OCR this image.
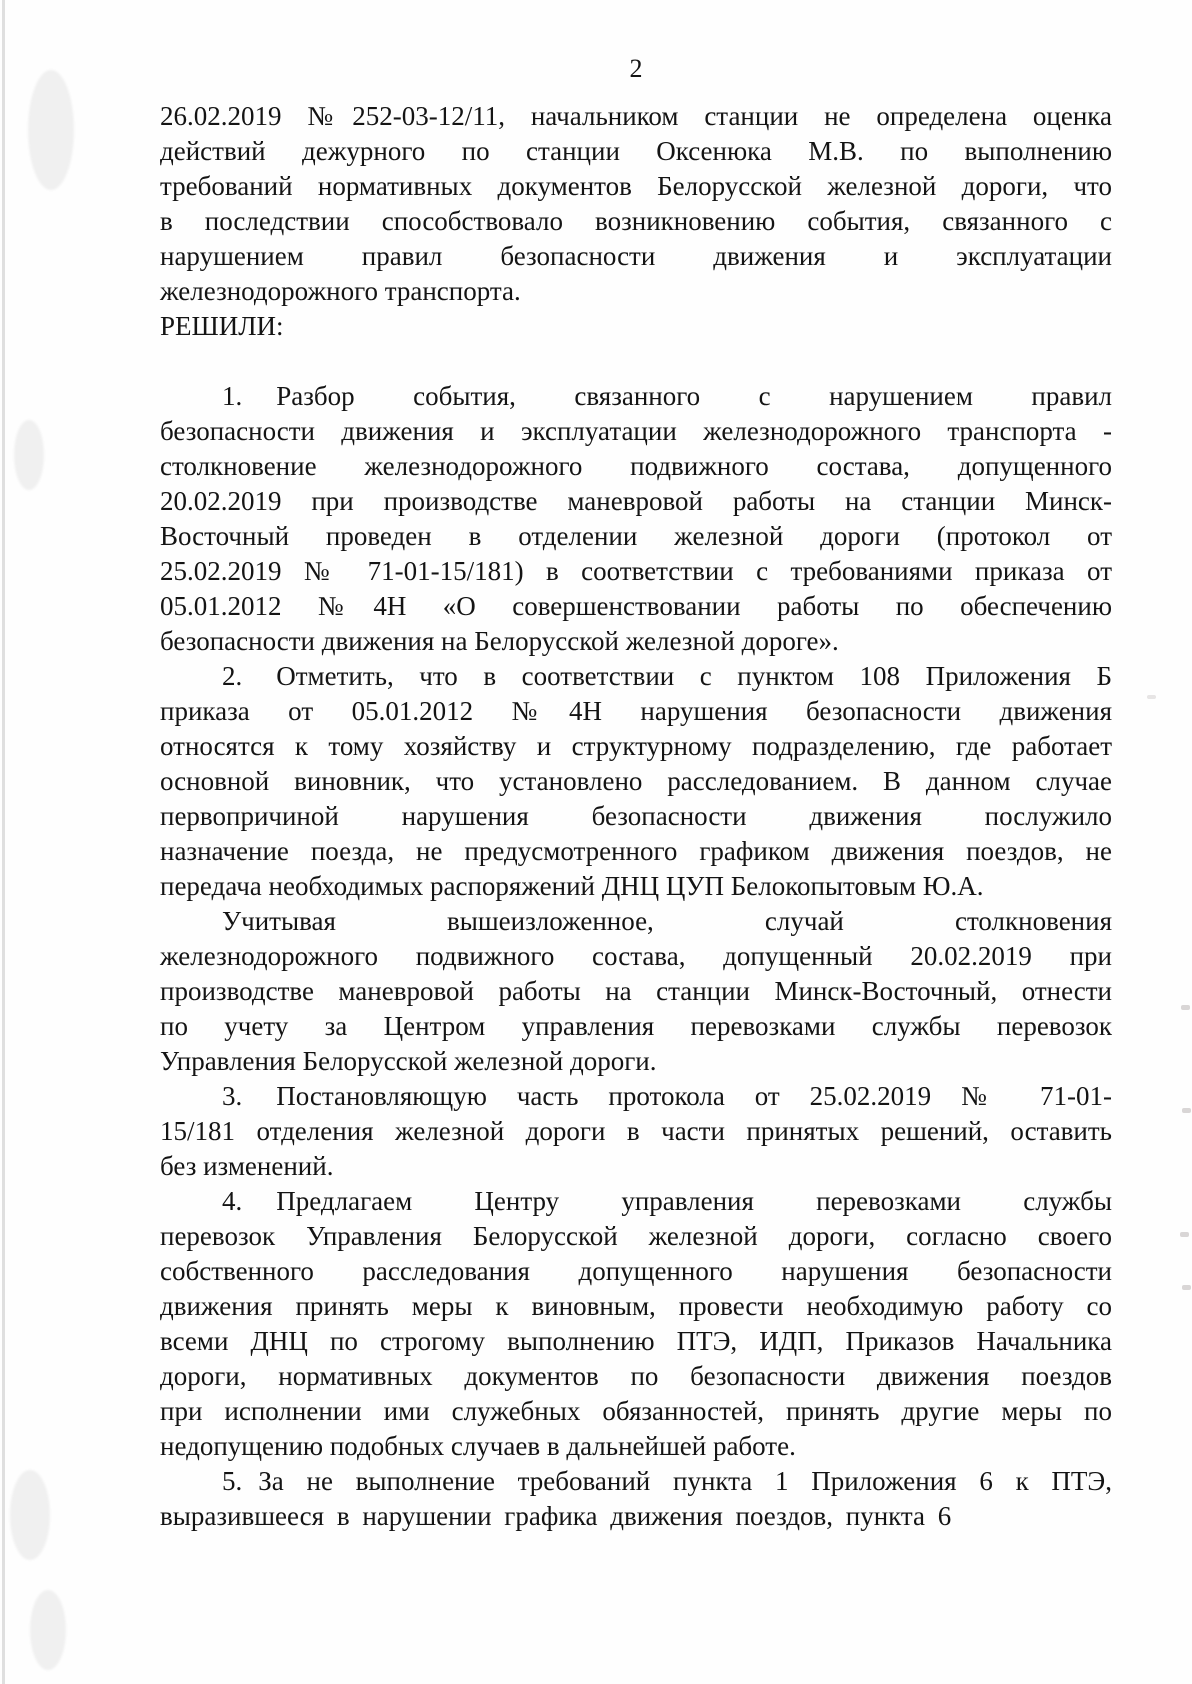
2
26.02.2019 №252-03-12/11, начальником станции не определена оценка
действий дежурного по станции Оксенюка М.В. по выполнению
требований нормативных документов Белорусской железной дороги, что
в последствии способствовало возникновению события, связанного с
нарушением правил безопасности движения и эксплуатации
железнодорожного транспорта.
РЕШИЛИ:
1. Разбор события, связанного с нарушением правил
безопасности движения и эксплуатации железнодорожного транспорта -
столкновение железнодорожного подвижного состава, допущенного
20.02.2019 при производстве маневровой работы на станции Минск-
Восточный проведен в отделении железной дороги (протокол от
25.02.2019 № 71-01-15/181) в соответствии с требованиями приказа от
05.01.2012 №4Н «О совершенствовании работы по обеспечению
безопасности движения на Белорусской железной дороге».
2. Отметить, что в соответствии с пунктом 108 Приложения Б
приказа от 05.01.2012 №4Н нарушения безопасности движения
относятся к тому хозяйству и структурному подразделению, где работает
основной виновник, что установлено расследованием. В данном случае
первопричиной нарушения безопасности движения послужило
назначение поезда, не предусмотренного графиком движения поездов, не
передача необходимых распоряжений ДНЦ ЦУП Белокопытовым Ю.А.
Учитывая вышеизложенное, случай столкновения
железнодорожного подвижного состава, допущенный 20.02.2019 при
производстве маневровой работы на станции Минск-Восточный, отнести
по учету за Центром управления перевозками службы перевозок
Управления Белорусской железной дороги.
3. Постановляющую часть протокола от 25.02.2019 № 71-01-
15/181 отделения железной дороги в части принятых решений, оставить
без изменений.
4. Предлагаем Центру управления перевозками службы
перевозок Управления Белорусской железной дороги, согласно своего
собственного расследования допущенного нарушения безопасности
движения принять меры к виновным, провести необходимую работу со
всеми ДНЦ по строгому выполнению ПТЭ, ИДП, Приказов Начальника
дороги, нормативных документов по безопасности движения поездов
при исполнении ими служебных обязанностей, принять другие меры по
недопущению подобных случаев в дальнейшей работе.
5. За не выполнение требований пункта 1 Приложения 6 к ПТЭ,
выразившееся в нарушении графика движения поездов, пункта 6
